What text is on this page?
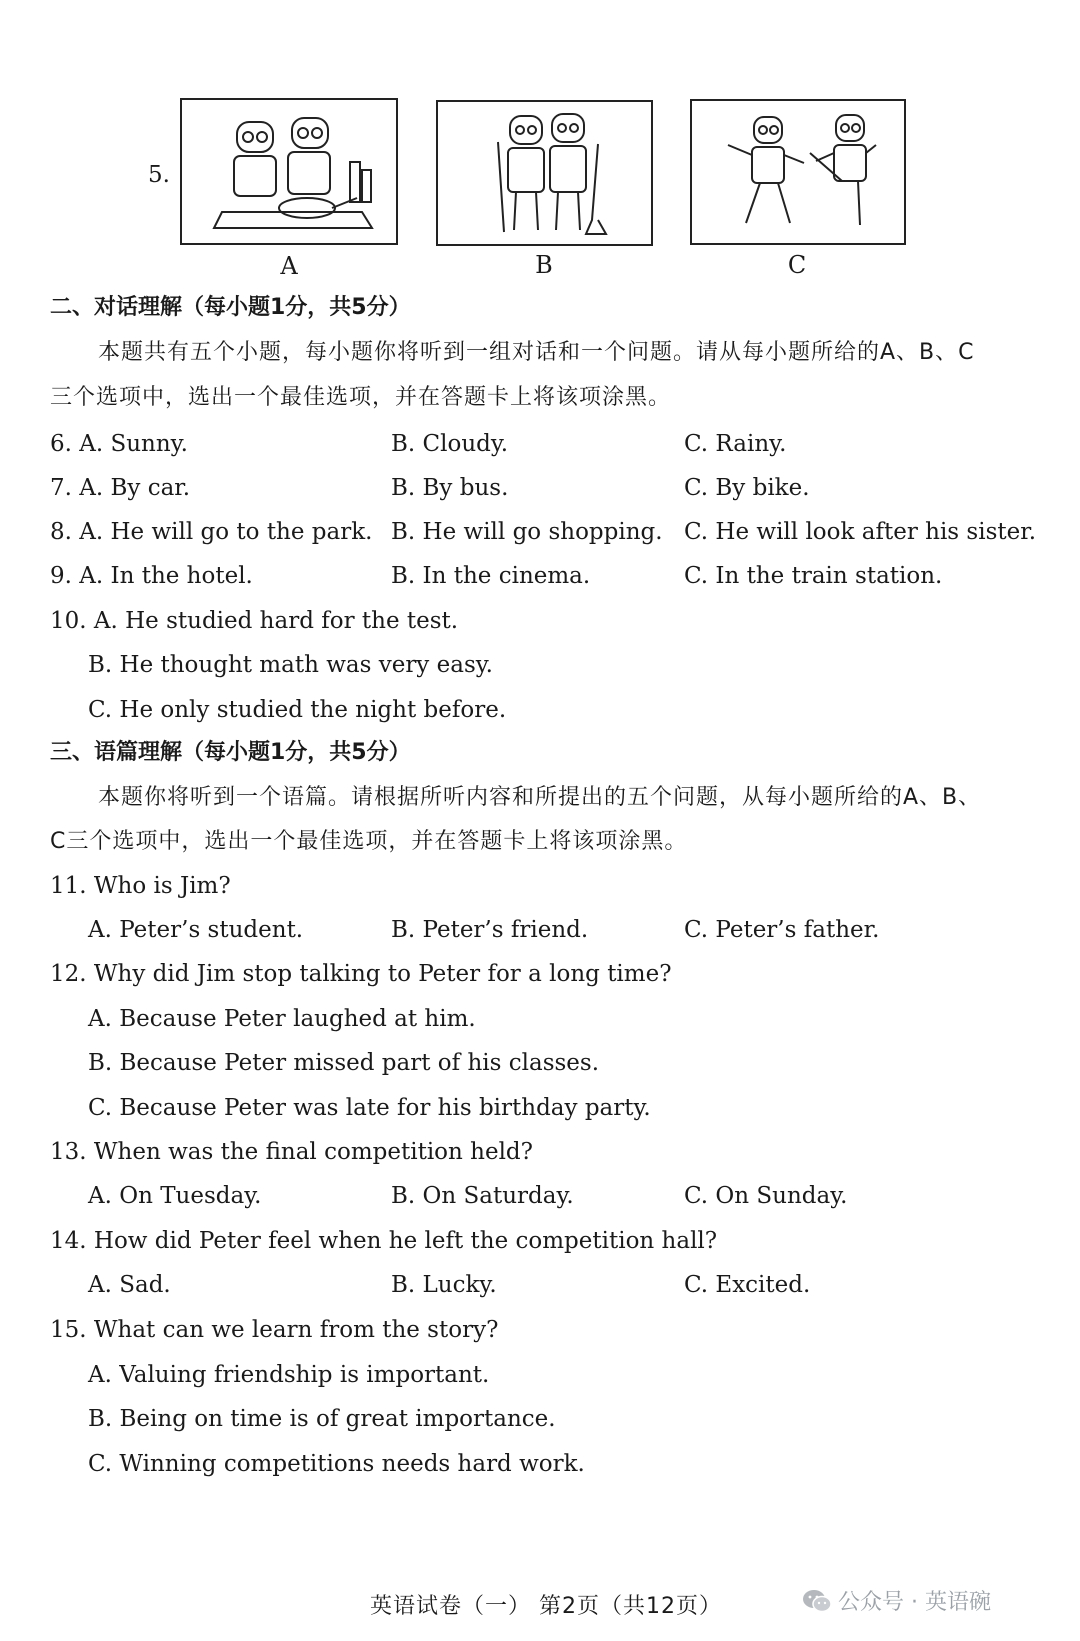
5.
A	B	C
二、对话理解（每小题1分，共5分）
本题共有五个小题，每小题你将听到一组对话和一个问题。请从每小题所给的A、B、C
三个选项中，选出一个最佳选项，并在答题卡上将该项涂黑。
6. A. Sunny.	B. Cloudy.	C. Rainy.
7. A. By car.	B. By bus.	C. By bike.
8. A. He will go to the park. B. He will go shopping. C. He will look after his sister.
9. A. In the hotel.	B. In the cinema.	C. In the train station.
10. A. He studied hard for the test.
B. He thought math was very easy.
C. He only studied the night before.
三、语篇理解（每小题1分，共5分）
本题你将听到一个语篇。请根据所听内容和所提出的五个问题，从每小题所给的A、B、
C三个选项中，选出一个最佳选项，并在答题卡上将该项涂黑。
11. Who is Jim?
A. Peter’s student.	B. Peter’s friend.	C. Peter’s father.
12. Why did Jim stop talking to Peter for a long time?
A. Because Peter laughed at him.
B. Because Peter missed part of his classes.
C. Because Peter was late for his birthday party.
13. When was the final competition held?
A. On Tuesday.	B. On Saturday.	C. On Sunday.
14. How did Peter feel when he left the competition hall?
A. Sad.	B. Lucky.	C. Excited.
15. What can we learn from the story?
A. Valuing friendship is important.
B. Being on time is of great importance.
C. Winning competitions needs hard work.
英语试卷（一） 第2页（共12页）	公众号 · 英语碗
